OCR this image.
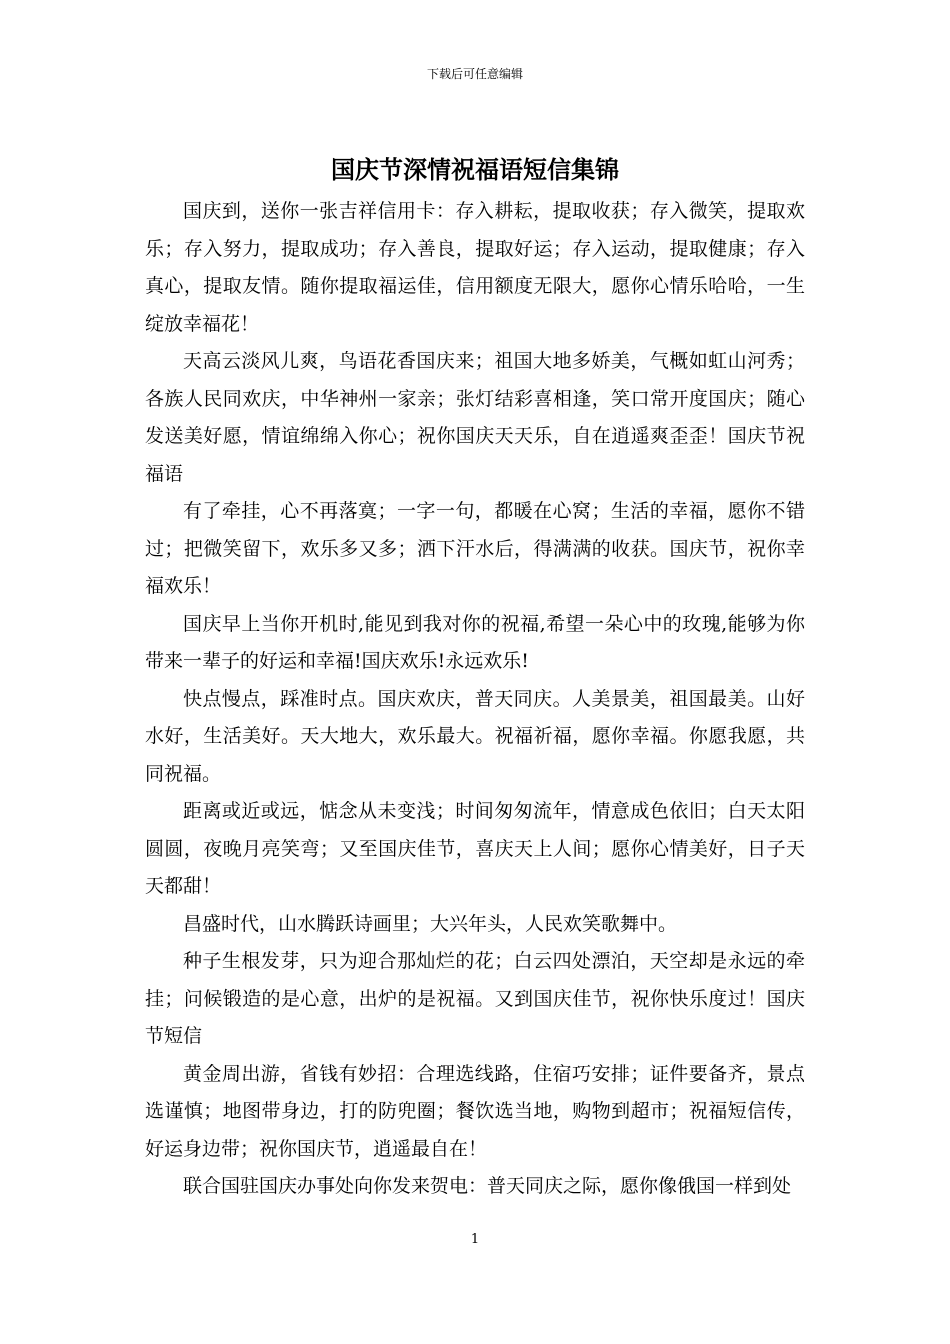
下载后可任意编辑
国庆节深情祝福语短信集锦

国庆到，送你一张吉祥信用卡：存入耕耘，提取收获；存入微笑，提取欢乐；存入努力，提取成功；存入善良，提取好运；存入运动，提取健康；存入真心，提取友情。随你提取福运佳，信用额度无限大，愿你心情乐哈哈，一生绽放幸福花！

天高云淡风儿爽，鸟语花香国庆来；祖国大地多娇美，气概如虹山河秀；各族人民同欢庆，中华神州一家亲；张灯结彩喜相逢，笑口常开度国庆；随心发送美好愿，情谊绵绵入你心；祝你国庆天天乐，自在逍遥爽歪歪！国庆节祝福语

有了牵挂，心不再落寞；一字一句，都暖在心窝；生活的幸福，愿你不错过；把微笑留下，欢乐多又多；洒下汗水后，得满满的收获。国庆节，祝你幸福欢乐！

国庆早上当你开机时,能见到我对你的祝福,希望一朵心中的玫瑰,能够为你带来一辈子的好运和幸福!国庆欢乐!永远欢乐!

快点慢点，踩准时点。国庆欢庆，普天同庆。人美景美，祖国最美。山好水好，生活美好。天大地大，欢乐最大。祝福祈福，愿你幸福。你愿我愿，共同祝福。

距离或近或远，惦念从未变浅；时间匆匆流年，情意成色依旧；白天太阳圆圆，夜晚月亮笑弯；又至国庆佳节，喜庆天上人间；愿你心情美好，日子天天都甜！

昌盛时代，山水腾跃诗画里；大兴年头，人民欢笑歌舞中。

种子生根发芽，只为迎合那灿烂的花；白云四处漂泊，天空却是永远的牵挂；问候锻造的是心意，出炉的是祝福。又到国庆佳节，祝你快乐度过！国庆节短信

黄金周出游，省钱有妙招：合理选线路，住宿巧安排；证件要备齐，景点选谨慎；地图带身边，打的防兜圈；餐饮选当地，购物到超市；祝福短信传，好运身边带；祝你国庆节，逍遥最自在！

联合国驻国庆办事处向你发来贺电：普天同庆之际，愿你像俄国一样到处

1
